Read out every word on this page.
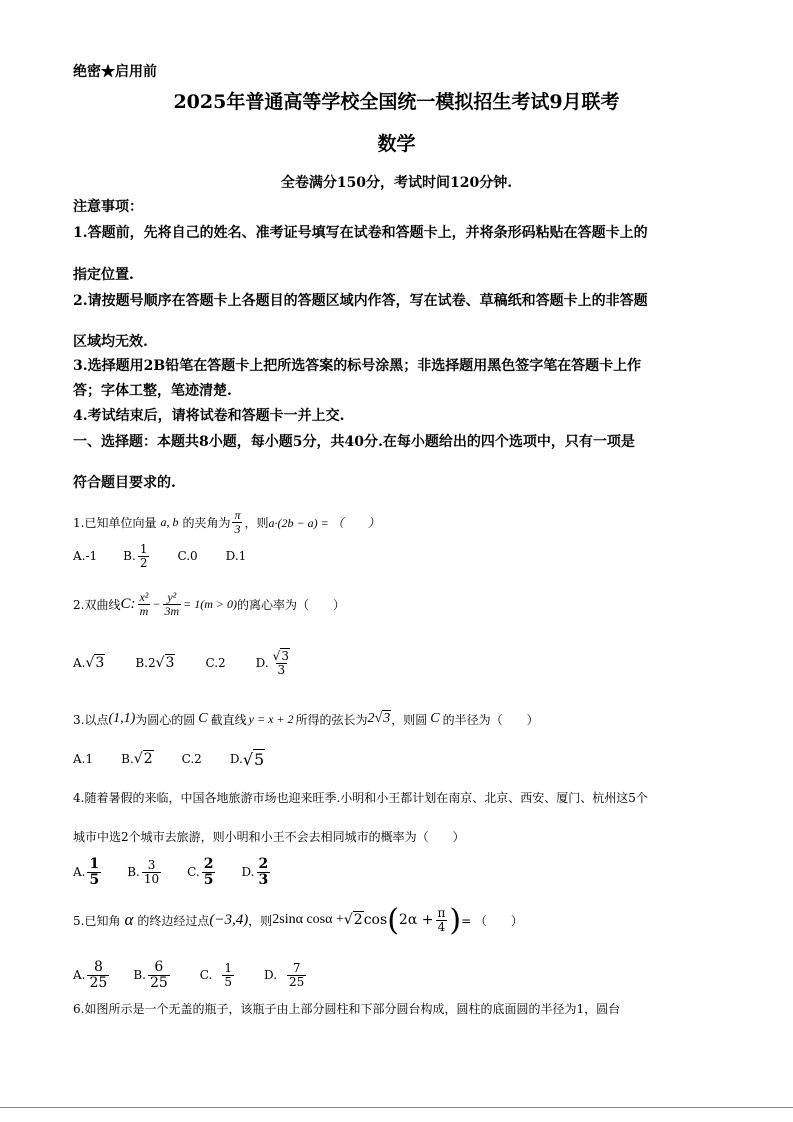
绝密★启用前
2025年普通高等学校全国统一模拟招生考试9月联考
数学
全卷满分150分，考试时间120分钟.
注意事项：
1.答题前，先将自己的姓名、准考证号填写在试卷和答题卡上，并将条形码粘贴在答题卡上的
指定位置.
2.请按题号顺序在答题卡上各题目的答题区域内作答，写在试卷、草稿纸和答题卡上的非答题
区域均无效.
3.选择题用2B铅笔在答题卡上把所选答案的标号涂黑；非选择题用黑色签字笔在答题卡上作
答；字体工整，笔迹清楚.
4.考试结束后，请将试卷和答题卡一并上交.
一、选择题：本题共8小题，每小题5分，共40分.在每小题给出的四个选项中，只有一项是
符合题目要求的.
1.已知单位向量 a, b 的夹角为 $\frac{\pi}{3}$ ，则 a·(2b − a) = （　　）
A.-1 B. $\frac{1}{2} C.0$ D.1
2.双曲线 C: $\frac{\text{x²}}{m} - \frac{\text{y²}}{3m} = 1(m > 0)$ 的离心率为（　　）
A. √3	B.2 √3	C.2	D. $\frac{√3}{3}$
3.以点 (1,1) 为圆心的圆 C 截直线 y = x + 2 所得的弦长为 2√3 ，则圆 C 的半径为（　　）
A.1 B. √2 C.2 D. √5
4.随着暑假的来临，中国各地旅游市场也迎来旺季.小明和小王都计划在南京、北京、西安、厦门、杭州这5个
城市中选2个城市去旅游，则小明和小王不会去相同城市的概率为（　　）
A. $\frac{1}{5} B$. $\frac{3}{10} C$. $\frac{2}{5} D$. $\frac{2}{3}$
5.已知角 α 的终边经过点 (−3,4) ，则 2sinα cosα + √2 cos ( $2\alpha + \frac{\pi}{4}$ ) = （　　）
A. $\frac{8}{25} B$. $\frac{6}{25}$	C. $\frac{1}{5}$	D. $\frac{7}{25}$
6.如图所示是一个无盖的瓶子，该瓶子由上部分圆柱和下部分圆台构成，圆柱的底面圆的半径为1，圆台
